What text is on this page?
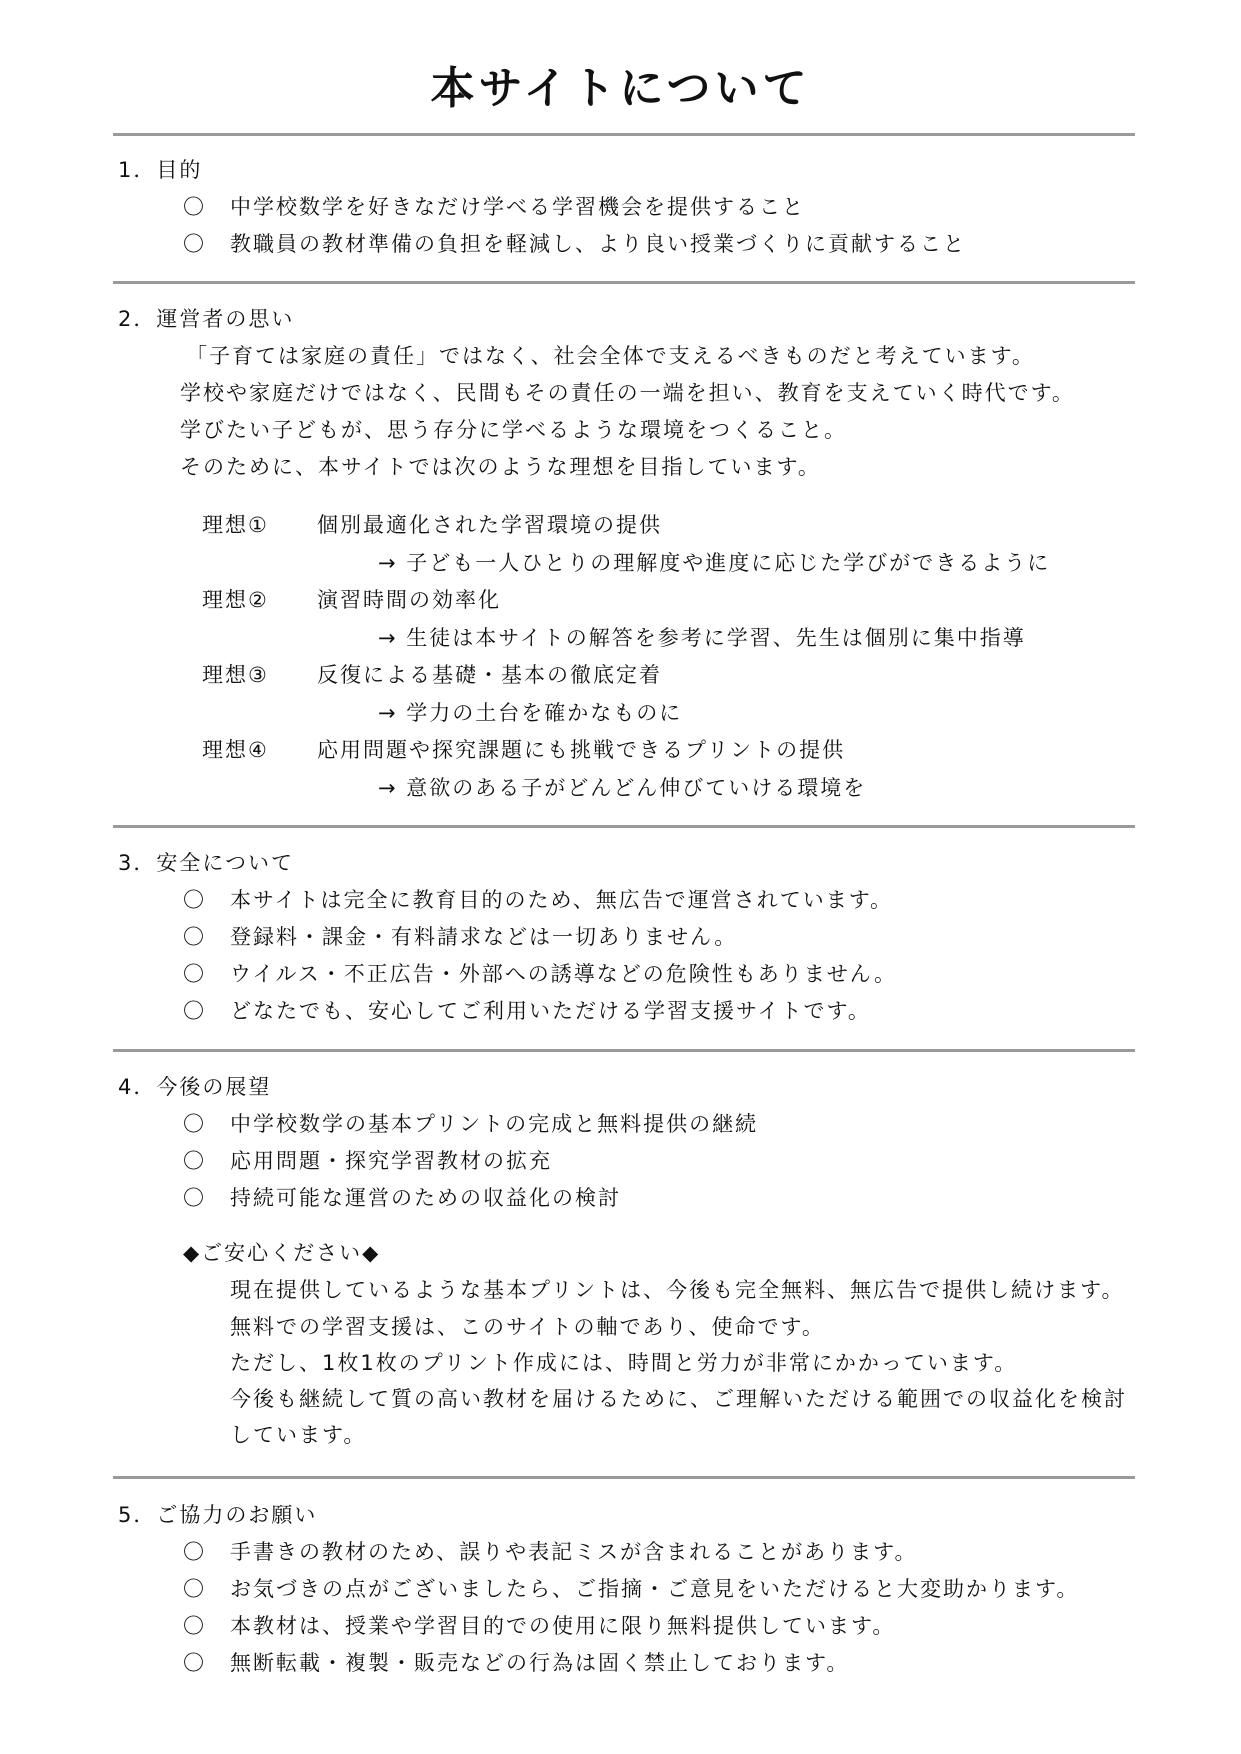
本サイトについて
1．目的
〇 中学校数学を好きなだけ学べる学習機会を提供すること
〇 教職員の教材準備の負担を軽減し、より良い授業づくりに貢献すること
2．運営者の思い
「子育ては家庭の責任」ではなく、社会全体で支えるべきものだと考えています。
学校や家庭だけではなく、民間もその責任の一端を担い、教育を支えていく時代です。
学びたい子どもが、思う存分に学べるような環境をつくること。
そのために、本サイトでは次のような理想を目指しています。
理想① 個別最適化された学習環境の提供
→ 子ども一人ひとりの理解度や進度に応じた学びができるように
理想② 演習時間の効率化
→ 生徒は本サイトの解答を参考に学習、先生は個別に集中指導
理想③ 反復による基礎・基本の徹底定着
→ 学力の土台を確かなものに
理想④ 応用問題や探究課題にも挑戦できるプリントの提供
→ 意欲のある子がどんどん伸びていける環境を
3．安全について
〇 本サイトは完全に教育目的のため、無広告で運営されています。
〇 登録料・課金・有料請求などは一切ありません。
〇 ウイルス・不正広告・外部への誘導などの危険性もありません。
〇 どなたでも、安心してご利用いただける学習支援サイトです。
4．今後の展望
〇 中学校数学の基本プリントの完成と無料提供の継続
〇 応用問題・探究学習教材の拡充
〇 持続可能な運営のための収益化の検討
◆ご安心ください◆
現在提供しているような基本プリントは、今後も完全無料、無広告で提供し続けます。
無料での学習支援は、このサイトの軸であり、使命です。
ただし、1枚1枚のプリント作成には、時間と労力が非常にかかっています。
今後も継続して質の高い教材を届けるために、ご理解いただける範囲での収益化を検討
しています。
5．ご協力のお願い
〇 手書きの教材のため、誤りや表記ミスが含まれることがあります。
〇 お気づきの点がございましたら、ご指摘・ご意見をいただけると大変助かります。
〇 本教材は、授業や学習目的での使用に限り無料提供しています。
〇 無断転載・複製・販売などの行為は固く禁止しております。
